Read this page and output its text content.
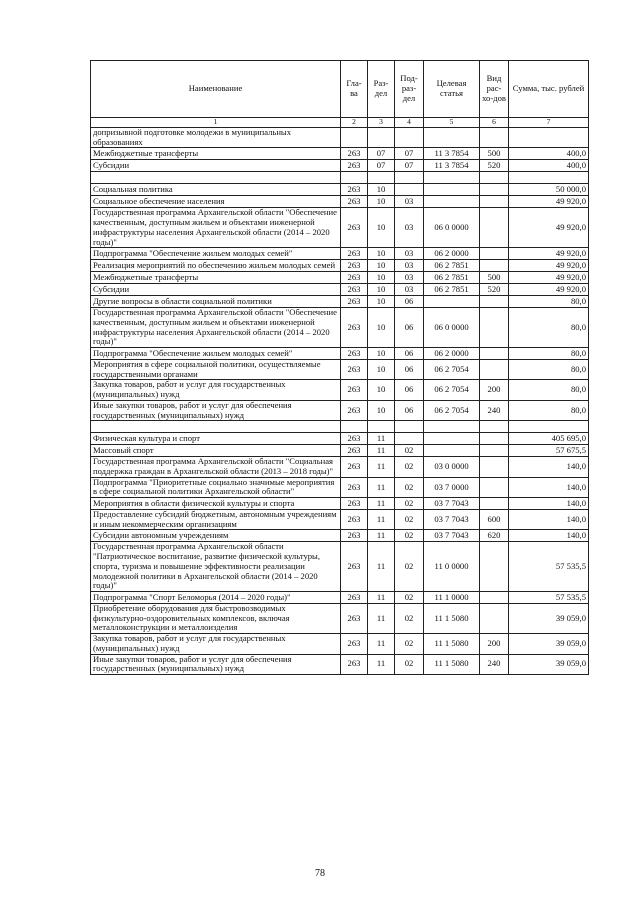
Наименование	Гла-ва	Раз-дел	Под-раз-дел	Целевая статья	Вид рас-хо-дов	Сумма, тыс. рублей
1	2	3	4	5	6	7
допризывной подготовке молодежи в муниципальных образованиях						
Межбюджетные трансферты	263	07	07	11 3 7854	500	400,0
Субсидии	263	07	07	11 3 7854	520	400,0

Социальная политика	263	10				50 000,0
Социальное обеспечение населения	263	10	03			49 920,0
Государственная программа Архангельской области "Обеспечение качественным, доступным жильем и объектами инженерной инфраструктуры населения Архангельской области (2014 – 2020 годы)"	263	10	03	06 0 0000		49 920,0
Подпрограмма "Обеспечение жильем молодых семей"	263	10	03	06 2 0000		49 920,0
Реализация мероприятий по обеспечению жильем молодых семей	263	10	03	06 2 7851		49 920,0
Межбюджетные трансферты	263	10	03	06 2 7851	500	49 920,0
Субсидии	263	10	03	06 2 7851	520	49 920,0
Другие вопросы в области социальной политики	263	10	06			80,0
Государственная программа Архангельской области "Обеспечение качественным, доступным жильем и объектами инженерной инфраструктуры населения Архангельской области (2014 – 2020 годы)"	263	10	06	06 0 0000		80,0
Подпрограмма "Обеспечение жильем молодых семей"	263	10	06	06 2 0000		80,0
Мероприятия в сфере социальной политики, осуществляемые государственными органами	263	10	06	06 2 7054		80,0
Закупка товаров, работ и услуг для государственных (муниципальных) нужд	263	10	06	06 2 7054	200	80,0
Иные закупки товаров, работ и услуг для обеспечения государственных (муниципальных) нужд	263	10	06	06 2 7054	240	80,0

Физическая культура и спорт	263	11				405 695,0
Массовый спорт	263	11	02			57 675,5
Государственная программа Архангельской области "Социальная поддержка граждан в Архангельской области (2013 – 2018 годы)"	263	11	02	03 0 0000		140,0
Подпрограмма "Приоритетные социально значимые мероприятия в сфере социальной политики Архангельской области"	263	11	02	03 7 0000		140,0
Мероприятия в области физической культуры и спорта	263	11	02	03 7 7043		140,0
Предоставление субсидий бюджетным, автономным учреждениям и иным некоммерческим организациям	263	11	02	03 7 7043	600	140,0
Субсидии автономным учреждениям	263	11	02	03 7 7043	620	140,0
Государственная программа Архангельской области "Патриотическое воспитание, развитие физической культуры, спорта, туризма и повышение эффективности реализации молодежной политики в Архангельской области (2014 – 2020 годы)"	263	11	02	11 0 0000		57 535,5
Подпрограмма "Спорт Беломорья (2014 – 2020 годы)"	263	11	02	11 1 0000		57 535,5
Приобретение оборудования для быстровозводимых физкультурно-оздоровительных комплексов, включая металлоконструкции и металлоизделия	263	11	02	11 1 5080		39 059,0
Закупка товаров, работ и услуг для государственных (муниципальных) нужд	263	11	02	11 1 5080	200	39 059,0
Иные закупки товаров, работ и услуг для обеспечения государственных (муниципальных) нужд	263	11	02	11 1 5080	240	39 059,0
78
